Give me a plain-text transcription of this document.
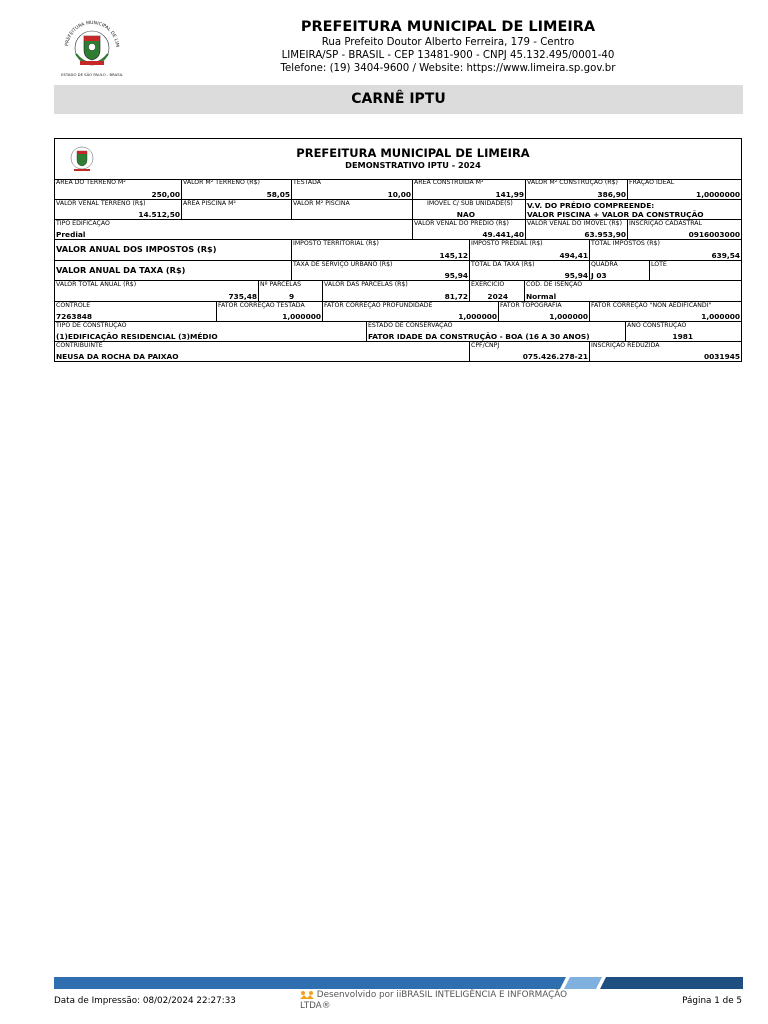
PREFEITURA MUNICIPAL DE LIM
ESTADO DE SÃO PAULO - BRASIL
PREFEITURA MUNICIPAL DE LIMEIRA
Rua Prefeito Doutor Alberto Ferreira, 179 - Centro
LIMEIRA/SP - BRASIL - CEP 13481-900 - CNPJ 45.132.495/0001-40
Telefone: (19) 3404-9600 / Website: https://www.limeira.sp.gov.br
CARNÊ IPTU
PREFEITURA MUNICIPAL DE LIMEIRA
DEMONSTRATIVO IPTU - 2024
ÁREA DO TERRENO M²
250,00
VALOR M² TERRENO (R$)
58,05
TESTADA
10,00
ÁREA CONSTRUÍDA M²
141,99
VALOR M² CONSTRUÇÃO (R$)
386,90
FRAÇÃO IDEAL
1,0000000
VALOR VENAL TERRENO (R$)
14.512,50
ÁREA PISCINA M²	VALOR M² PISCINA	IMÓVEL C/ SUB UNIDADE(S)
NAO
V.V. DO PRÉDIO COMPREENDE:
VALOR PISCINA + VALOR DA CONSTRUÇÃO
TIPO EDIFICAÇÃO
Predial
VALOR VENAL DO PRÉDIO (R$)
49.441,40
VALOR VENAL DO IMÓVEL (R$)
63.953,90
INSCRIÇÃO CADASTRAL
0916003000
VALOR ANUAL DOS IMPOSTOS (R$)
IMPOSTO TERRITORIAL (R$)
145,12
IMPOSTO PREDIAL (R$)
494,41
TOTAL IMPOSTOS (R$)
639,54
VALOR ANUAL DA TAXA (R$)
TAXA DE SERVIÇO URBANO (R$)
95,94
TOTAL DA TAXA (R$)
95,94
QUADRA
J 03
LOTE
VALOR TOTAL ANUAL (R$)
735,48
Nº PARCELAS
9
VALOR DAS PARCELAS (R$)
81,72
EXERCÍCIO
2024
CÓD. DE ISENÇÃO
Normal
CONTROLE
7263848
FATOR CORREÇÃO TESTADA
1,000000
FATOR CORREÇÃO PROFUNDIDADE
1,000000
FATOR TOPOGRAFIA
1,000000
FATOR CORREÇÃO "NON AEDIFICANDI"
1,000000
TIPO DE CONSTRUÇÃO
(1)EDIFICAÇÃO RESIDENCIAL (3)MÉDIO
ESTADO DE CONSERVAÇÃO
FATOR IDADE DA CONSTRUÇÃO - BOA (16 A 30 ANOS)
ANO CONSTRUÇÃO
1981
CONTRIBUINTE
NEUSA DA ROCHA DA PAIXAO
CPF/CNPJ
075.426.278-21
INSCRIÇÃO REDUZIDA
0031945
Data de Impressão: 08/02/2024 22:27:33
Desenvolvido por iiBRASIL INTELIGÊNCIA E INFORMAÇÃO LTDA®	Página 1 de 5
